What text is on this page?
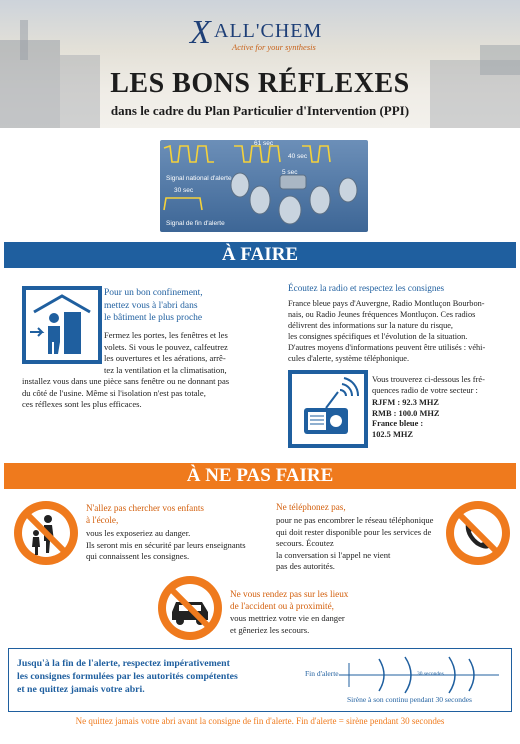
X ALL'CHEM
Active for your synthesis
LES BONS RÉFLEXES
dans le cadre du Plan Particulier d'Intervention (PPI)
61 sec
40 sec
5 sec
Signal national d'alerte
30 sec
Signal de fin d'alerte
À FAIRE
Pour un bon confinement,
mettez vous à l'abri dans
le bâtiment le plus proche
Fermez les portes, les fenêtres et les
volets. Si vous le pouvez, calfeutrez
les ouvertures et les aérations, arrê-
tez la ventilation et la climatisation,
installez vous dans une pièce sans fenêtre ou ne donnant pas
du côté de l'usine. Même si l'isolation n'est pas totale,
ces réflexes sont les plus efficaces.
Écoutez la radio et respectez les consignes
France bleue pays d'Auvergne, Radio Montluçon Bourbon-
nais, ou Radio Jeunes fréquences Montluçon. Ces radios
délivrent des informations sur la nature du risque,
les consignes spécifiques et l'évolution de la situation.
D'autres moyens d'informations peuvent être utilisés : véhi-
cules d'alerte, système téléphonique.
Vous trouverez ci-dessous les fré-
quences radio de votre secteur :
RJFM : 92.3 MHZ
RMB : 100.0 MHZ
France bleue :
102.5 MHZ
À NE PAS FAIRE
N'allez pas chercher vos enfants
à l'école,
vous les exposeriez au danger.
Ils seront mis en sécurité par leurs enseignants
qui connaissent les consignes.
Ne téléphonez pas,
pour ne pas encombrer le réseau téléphonique
qui doit rester disponible pour les services de
secours. Écoutez
la conversation si l'appel ne vient
pas des autorités.
Ne vous rendez pas sur les lieux
de l'accident ou à proximité,
vous mettriez votre vie en danger
et gêneriez les secours.
Jusqu'à la fin de l'alerte, respectez impérativement
les consignes formulées par les autorités compétentes
et ne quittez jamais votre abri.
Fin d'alerte	30 secondes
Sirène à son continu pendant 30 secondes
Ne quittez jamais votre abri avant la consigne de fin d'alerte. Fin d'alerte = sirène pendant 30 secondes
